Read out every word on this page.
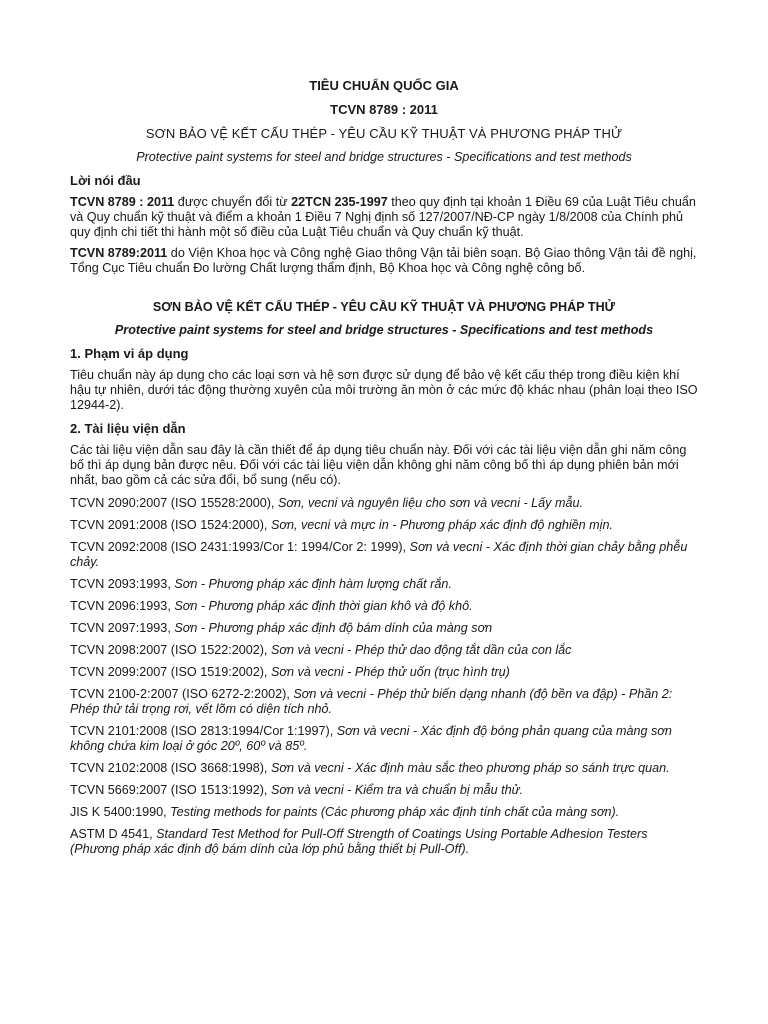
TIÊU CHUẨN QUỐC GIA

TCVN 8789 : 2011

SƠN BẢO VỆ KẾT CẤU THÉP - YÊU CẦU KỸ THUẬT VÀ PHƯƠNG PHÁP THỬ

Protective paint systems for steel and bridge structures - Specifications and test methods

Lời nói đầu

TCVN 8789 : 2011 được chuyển đổi từ 22TCN 235-1997 theo quy định tại khoản 1 Điều 69 của Luật Tiêu chuẩn và Quy chuẩn kỹ thuật và điểm a khoản 1 Điều 7 Nghị định số 127/2007/NĐ-CP ngày 1/8/2008 của Chính phủ quy định chi tiết thi hành một số điều của Luật Tiêu chuẩn và Quy chuẩn kỹ thuật.

TCVN 8789:2011 do Viện Khoa học và Công nghệ Giao thông Vận tải biên soạn. Bộ Giao thông Vận tải đề nghị, Tổng Cục Tiêu chuẩn Đo lường Chất lượng thẩm định, Bộ Khoa học và Công nghệ công bố.

SƠN BẢO VỆ KẾT CẤU THÉP - YÊU CẦU KỸ THUẬT VÀ PHƯƠNG PHÁP THỬ

Protective paint systems for steel and bridge structures - Specifications and test methods

1. Phạm vi áp dụng

Tiêu chuẩn này áp dụng cho các loại sơn và hệ sơn được sử dụng để bảo vệ kết cấu thép trong điều kiện khí hậu tự nhiên, dưới tác động thường xuyên của môi trường ăn mòn ở các mức độ khác nhau (phân loại theo ISO 12944-2).

2. Tài liệu viện dẫn

Các tài liệu viện dẫn sau đây là cần thiết để áp dụng tiêu chuẩn này. Đối với các tài liệu viện dẫn ghi năm công bố thì áp dụng bản được nêu. Đối với các tài liệu viện dẫn không ghi năm công bố thì áp dụng phiên bản mới nhất, bao gồm cả các sửa đổi, bổ sung (nếu có).

TCVN 2090:2007 (ISO 15528:2000), Sơn, vecni và nguyên liệu cho sơn và vecni - Lấy mẫu.

TCVN 2091:2008 (ISO 1524:2000), Sơn, vecni và mực in - Phương pháp xác định độ nghiền mịn.

TCVN 2092:2008 (ISO 2431:1993/Cor 1: 1994/Cor 2: 1999), Sơn và vecni - Xác định thời gian chảy bằng phễu chảy.

TCVN 2093:1993, Sơn - Phương pháp xác định hàm lượng chất rắn.

TCVN 2096:1993, Sơn - Phương pháp xác định thời gian khô và độ khô.

TCVN 2097:1993, Sơn - Phương pháp xác định độ bám dính của màng sơn

TCVN 2098:2007 (ISO 1522:2002), Sơn và vecni - Phép thử dao động tắt dần của con lắc

TCVN 2099:2007 (ISO 1519:2002), Sơn và vecni - Phép thử uốn (trục hình trụ)

TCVN 2100-2:2007 (ISO 6272-2:2002), Sơn và vecni - Phép thử biến dạng nhanh (độ bền va đập) - Phần 2: Phép thử tải trọng rơi, vết lõm có diện tích nhỏ.

TCVN 2101:2008 (ISO 2813:1994/Cor 1:1997), Sơn và vecni - Xác định độ bóng phản quang của màng sơn không chứa kim loại ở góc 20º, 60º và 85º.

TCVN 2102:2008 (ISO 3668:1998), Sơn và vecni - Xác định màu sắc theo phương pháp so sánh trực quan.

TCVN 5669:2007 (ISO 1513:1992), Sơn và vecni - Kiểm tra và chuẩn bị mẫu thử.

JIS K 5400:1990, Testing methods for paints (Các phương pháp xác định tính chất của màng sơn).

ASTM D 4541, Standard Test Method for Pull-Off Strength of Coatings Using Portable Adhesion Testers (Phương pháp xác định độ bám dính của lớp phủ bằng thiết bị Pull-Off).
